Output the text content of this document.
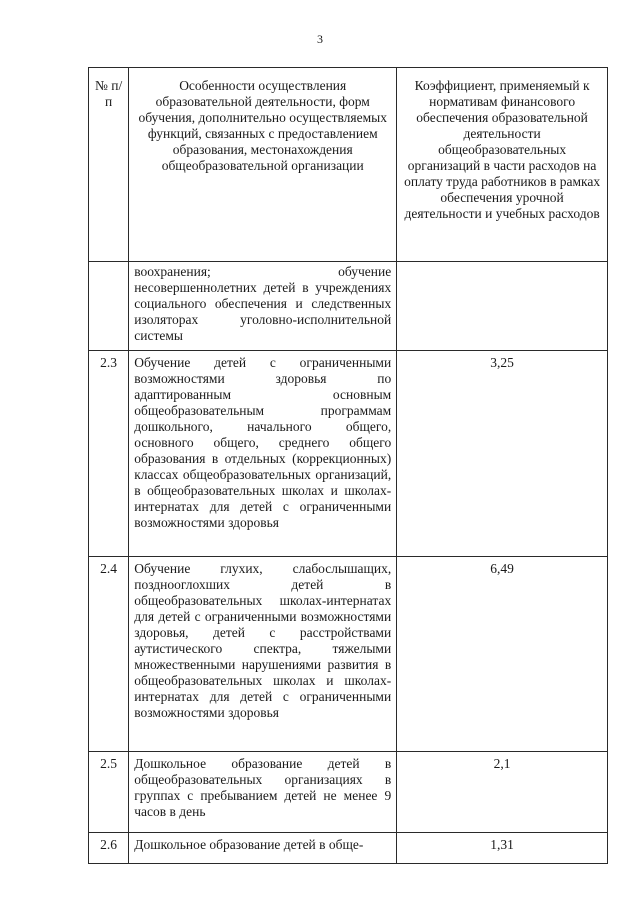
3
№ п/п	Особенности осуществления образовательной деятельности, форм обучения, дополнительно осуществляемых функций, связанных с предоставлением образования, местонахождения общеобразовательной организации	Коэффициент, применяемый к нормативам финансового обеспечения образовательной деятельности общеобразовательных организаций в части расходов на оплату труда работников в рамках обеспечения урочной деятельности и учебных расходов
	воохранения; обучение несовершеннолетних детей в учреждениях социального обеспечения и следственных изоляторах уголовно-исполнительной системы	
2.3	Обучение детей с ограниченными возможностями здоровья по адаптированным основным общеобразовательным программам дошкольного, начального общего, основного общего, среднего общего образования в отдельных (коррекционных) классах общеобразовательных организаций, в общеобразовательных школах и школах-интернатах для детей с ограниченными возможностями здоровья	3,25
2.4	Обучение глухих, слабослышащих, позднооглохших детей в общеобразовательных школах-интернатах для детей с ограниченными возможностями здоровья, детей с расстройствами аутистического спектра, тяжелыми множественными нарушениями развития в общеобразовательных школах и школах-интернатах для детей с ограниченными возможностями здоровья	6,49
2.5	Дошкольное образование детей в общеобразовательных организациях в группах с пребыванием детей не менее 9 часов в день	2,1
2.6	Дошкольное образование детей в обще-	1,31
